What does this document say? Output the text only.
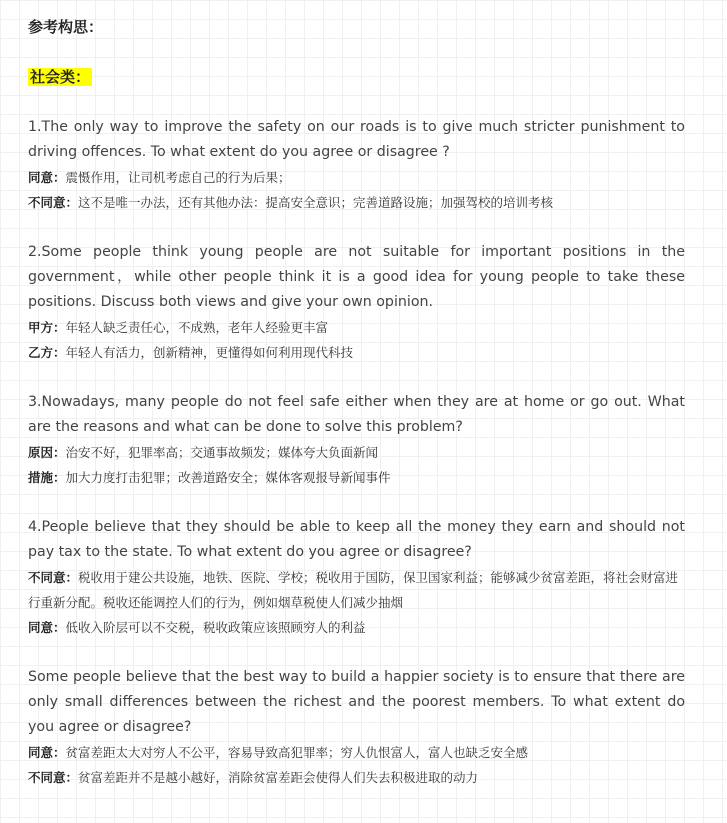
参考构思：
社会类：

1.The only way to improve the safety on our roads is to give much stricter punishment to driving offences. To what extent do you agree or disagree ?

同意：震慑作用，让司机考虑自己的行为后果；

不同意：这不是唯一办法，还有其他办法：提高安全意识；完善道路设施；加强驾校的培训考核

2.Some people think young people are not suitable for important positions in the government，while other people think it is a good idea for young people to take these positions. Discuss both views and give your own opinion.

甲方：年轻人缺乏责任心，不成熟，老年人经验更丰富

乙方：年轻人有活力，创新精神，更懂得如何利用现代科技

3.Nowadays, many people do not feel safe either when they are at home or go out. What are the reasons and what can be done to solve this problem?

原因：治安不好，犯罪率高；交通事故频发；媒体夸大负面新闻

措施：加大力度打击犯罪；改善道路安全；媒体客观报导新闻事件

4.People believe that they should be able to keep all the money they earn and should not pay tax to the state. To what extent do you agree or disagree?

不同意：税收用于建公共设施，地铁、医院、学校；税收用于国防，保卫国家利益；能够减少贫富差距，将社会财富进行重新分配。税收还能调控人们的行为，例如烟草税使人们减少抽烟

同意：低收入阶层可以不交税，税收政策应该照顾穷人的利益

Some people believe that the best way to build a happier society is to ensure that there are only small differences between the richest and the poorest members. To what extent do you agree or disagree?

同意：贫富差距太大对穷人不公平，容易导致高犯罪率；穷人仇恨富人，富人也缺乏安全感

不同意：贫富差距并不是越小越好，消除贫富差距会使得人们失去积极进取的动力
